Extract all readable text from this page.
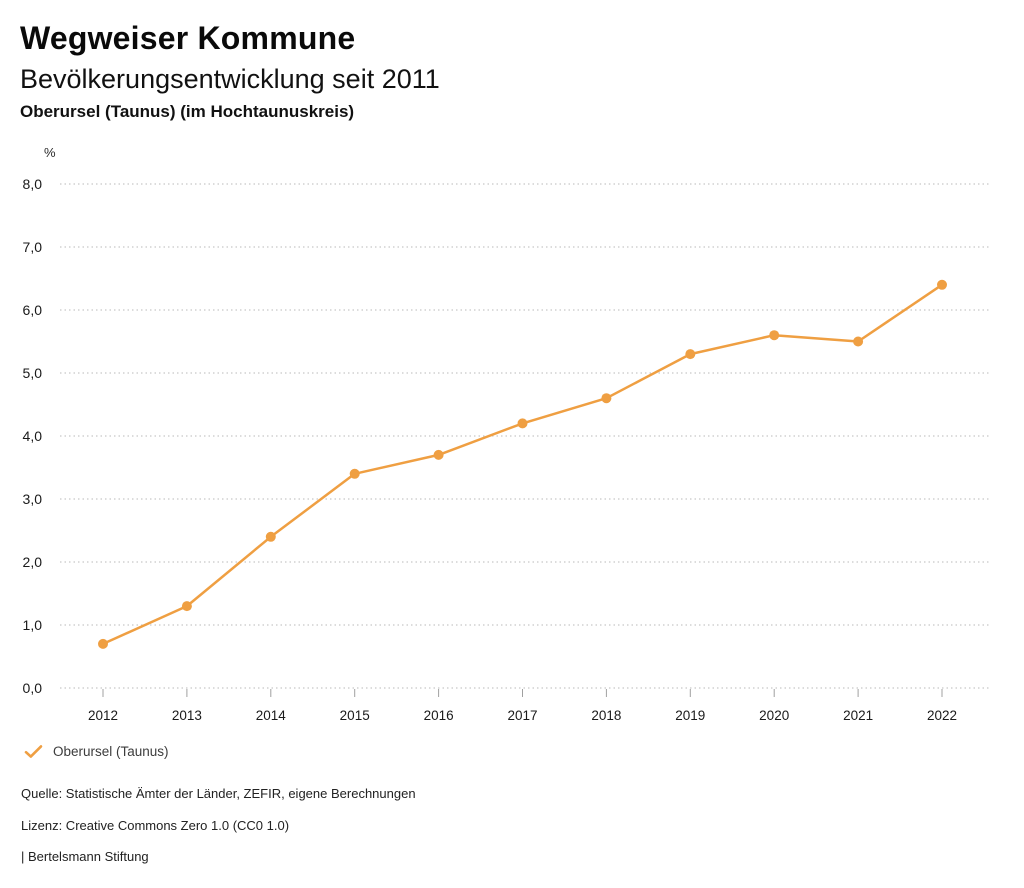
Wegweiser Kommune
Bevölkerungsentwicklung seit 2011
Oberursel (Taunus) (im Hochtaunuskreis)
%
0,0
1,0
2,0
3,0
4,0
5,0
6,0
7,0
8,0
2012	2013	2014	2015	2016	2017	2018	2019	2020	2021	2022
Oberursel (Taunus)
Quelle: Statistische Ämter der Länder, ZEFIR, eigene Berechnungen
Lizenz: Creative Commons Zero 1.0 (CC0 1.0)
| Bertelsmann Stiftung
